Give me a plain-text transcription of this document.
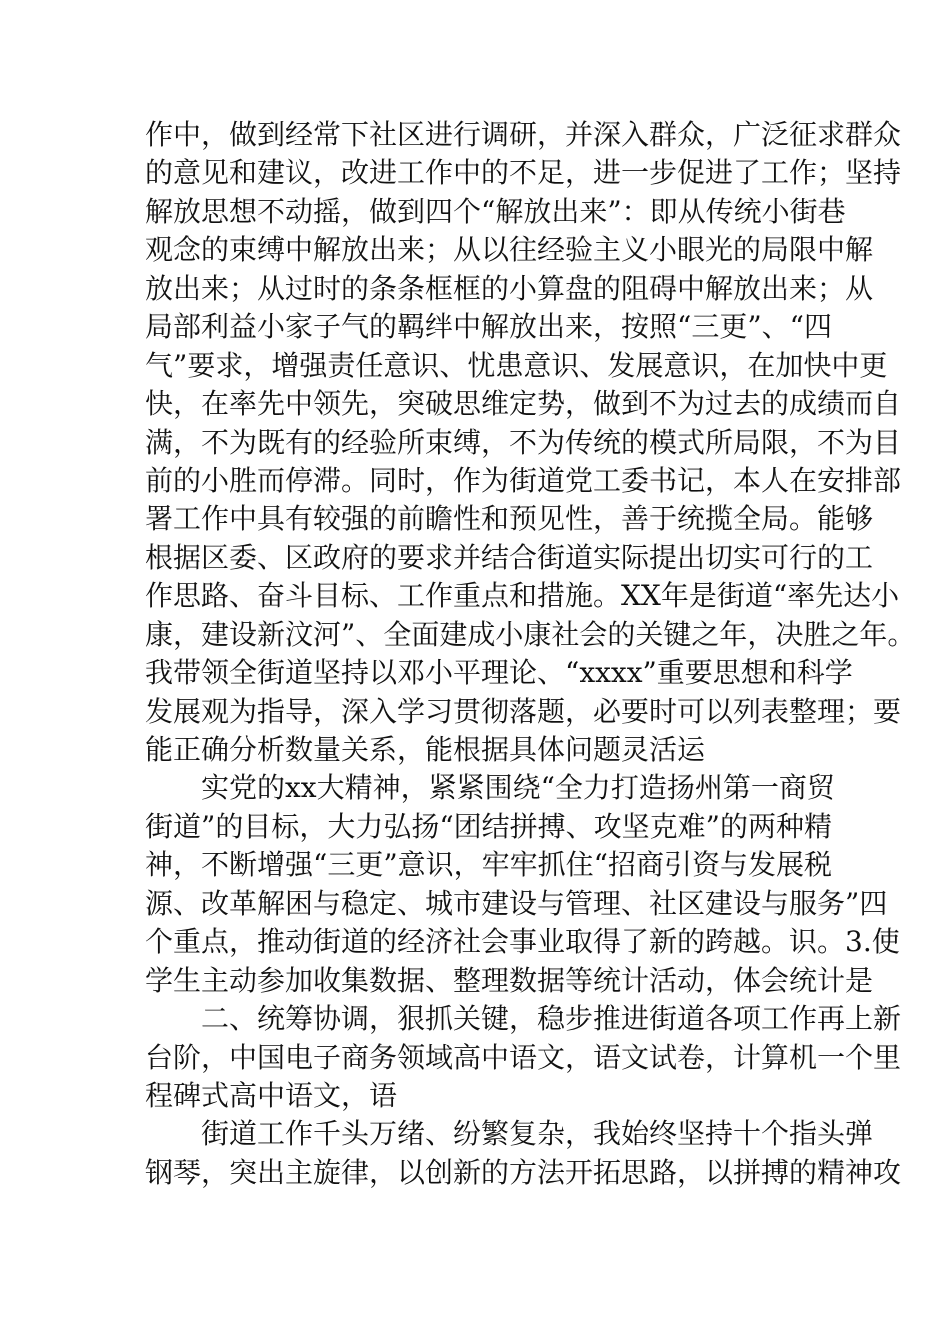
作中，做到经常下社区进行调研，并深入群众，广泛征求群众
的意见和建议，改进工作中的不足，进一步促进了工作；坚持
解放思想不动摇，做到四个“解放出来”：即从传统小街巷
观念的束缚中解放出来；从以往经验主义小眼光的局限中解
放出来；从过时的条条框框的小算盘的阻碍中解放出来；从
局部利益小家子气的羁绊中解放出来，按照“三更”、“四
气”要求，增强责任意识、忧患意识、发展意识，在加快中更
快，在率先中领先，突破思维定势，做到不为过去的成绩而自
满，不为既有的经验所束缚，不为传统的模式所局限，不为目
前的小胜而停滞。同时，作为街道党工委书记，本人在安排部
署工作中具有较强的前瞻性和预见性，善于统揽全局。能够
根据区委、区政府的要求并结合街道实际提出切实可行的工
作思路、奋斗目标、工作重点和措施。XX年是街道“率先达小
康，建设新汶河”、全面建成小康社会的关键之年，决胜之年。
我带领全街道坚持以邓小平理论、“xxxx”重要思想和科学
发展观为指导，深入学习贯彻落题，必要时可以列表整理；要
能正确分析数量关系，能根据具体问题灵活运
实党的xx大精神，紧紧围绕“全力打造扬州第一商贸
街道”的目标，大力弘扬“团结拼搏、攻坚克难”的两种精
神，不断增强“三更”意识，牢牢抓住“招商引资与发展税
源、改革解困与稳定、城市建设与管理、社区建设与服务”四
个重点，推动街道的经济社会事业取得了新的跨越。识。3.使
学生主动参加收集数据、整理数据等统计活动，体会统计是
二、统筹协调，狠抓关键，稳步推进街道各项工作再上新
台阶，中国电子商务领域高中语文，语文试卷，计算机一个里
程碑式高中语文，语
街道工作千头万绪、纷繁复杂，我始终坚持十个指头弹
钢琴，突出主旋律，以创新的方法开拓思路，以拼搏的精神攻
